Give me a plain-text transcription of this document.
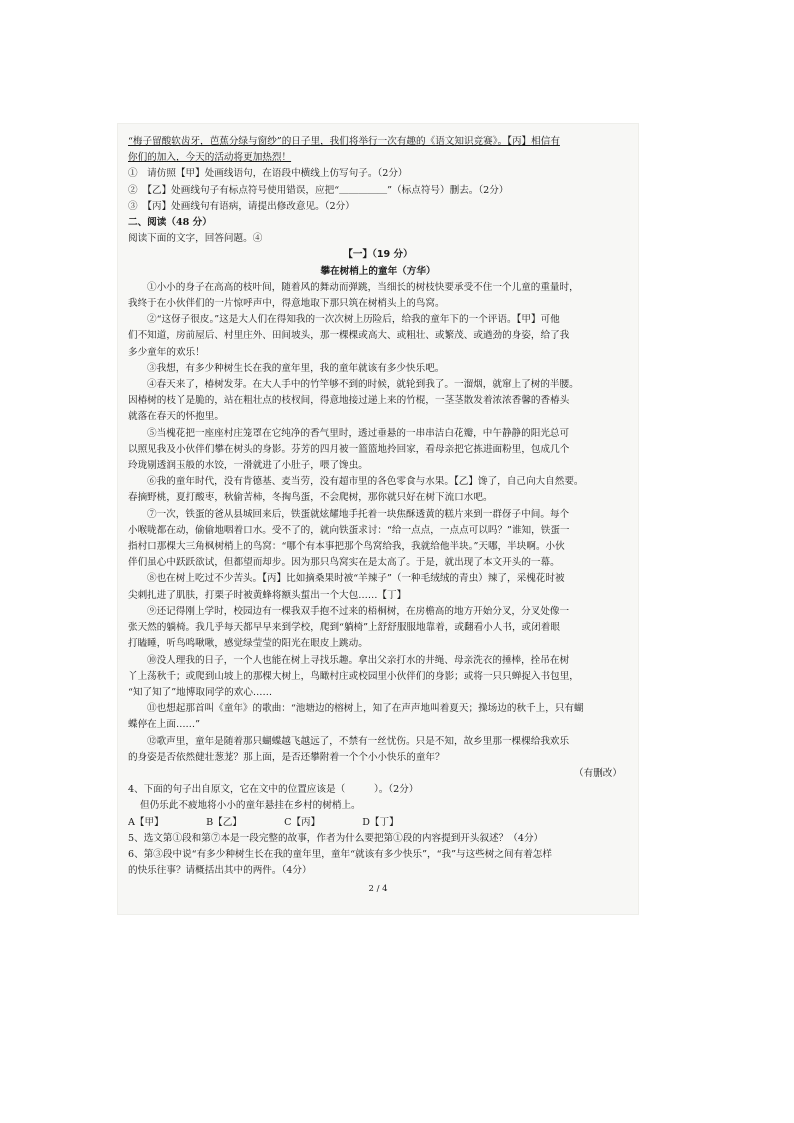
“梅子留酸软齿牙，芭蕉分绿与窗纱”的日子里，我们将举行一次有趣的《语文知识竞赛》。【丙】相信有
你们的加入，今天的活动将更加热烈！
①　请仿照【甲】处画线语句，在语段中横线上仿写句子。（2分）
②　【乙】处画线句子有标点符号使用错误，应把“＿＿＿＿＿”（标点符号）删去。（2分）
③　【丙】处画线句有语病，请提出修改意见。（2分）
二、阅读（48 分）
阅读下面的文字，回答问题。④
【一】（19 分）
攀在树梢上的童年（方华）
①小小的身子在高高的枝叶间，随着风的舞动而弹跳，当细长的树枝快要承受不住一个儿童的重量时，
我终于在小伙伴们的一片惊呼声中，得意地取下那只筑在树梢头上的鸟窝。
②“这伢子很皮。”这是大人们在得知我的一次次树上历险后，给我的童年下的一个评语。【甲】可他
们不知道，房前屋后、村里庄外、田间坡头，那一棵棵或高大、或粗壮、或繁茂、或遒劲的身姿，给了我
多少童年的欢乐！
③我想，有多少种树生长在我的童年里，我的童年就该有多少快乐吧。
④春天来了，椿树发芽。在大人手中的竹竿够不到的时候，就轮到我了。一溜烟，就窜上了树的半腰。
因椿树的枝丫是脆的，站在粗壮点的枝杈间，得意地接过递上来的竹棍，一茎茎散发着浓浓香馨的香椿头
就落在春天的怀抱里。
⑤当槐花把一座座村庄笼罩在它纯净的香气里时，透过垂悬的一串串洁白花瓣，中午静静的阳光总可
以照见我及小伙伴们攀在树头的身影。芬芳的四月被一篮篮地拎回家，看母亲把它拣进面粉里，包成几个
玲珑剔透润玉般的水饺，一滑就进了小肚子，喂了馋虫。
⑥我的童年时代，没有肯德基、麦当劳，没有超市里的各色零食与水果。【乙】馋了，自己向大自然要。
春摘野桃，夏打酸枣，秋偷苦柿，冬掏鸟蛋，不会爬树，那你就只好在树下流口水吧。
⑦一次，铁蛋的爸从县城回来后，铁蛋就炫耀地手托着一块焦酥透黄的糕片来到一群伢子中间。每个
小喉咙都在动，偷偷地咽着口水。受不了的，就向铁蛋求讨：“给一点点，一点点可以吗？”谁知，铁蛋一
指村口那棵大三角枫树梢上的鸟窝：“哪个有本事把那个鸟窝给我，我就给他半块。”天哪，半块啊。小伙
伴们虽心中跃跃欲试，但都望而却步。因为那只鸟窝实在是太高了。于是，就出现了本文开头的一幕。
⑧也在树上吃过不少苦头。【丙】比如摘桑果时被“羊辣子”（一种毛绒绒的青虫）辣了，采槐花时被
尖刺扎进了肌肤，打栗子时被黄蜂将额头蜇出一个大包……【丁】
⑨还记得刚上学时，校园边有一棵我双手抱不过来的梧桐树，在房檐高的地方开始分叉，分叉处像一
张天然的躺椅。我几乎每天都早早来到学校，爬到“躺椅”上舒舒服服地靠着，或翻看小人书，或闭着眼
打瞌睡，听鸟鸣啾啾，感觉绿莹莹的阳光在眼皮上跳动。
⑩没人理我的日子，一个人也能在树上寻找乐趣。拿出父亲打水的井绳、母亲洗衣的捶棒，拴吊在树
丫上荡秋千；或爬到山坡上的那棵大树上，鸟瞰村庄或校园里小伙伴们的身影；或将一只只蝉捉入书包里，
“知了知了”地博取同学的欢心……
⑪也想起那首叫《童年》的歌曲：“池塘边的榕树上，知了在声声地叫着夏天；操场边的秋千上，只有蝴
蝶停在上面……”
⑫歌声里，童年是随着那只蝴蝶越飞越远了，不禁有一丝忧伤。只是不知，故乡里那一棵棵给我欢乐
的身姿是否依然健壮葱茏？那上面，是否还攀附着一个个小小快乐的童年？
（有删改）
4、下面的句子出自原文，它在文中的位置应该是（　　　）。（2分）
但仍乐此不疲地将小小的童年悬挂在乡村的树梢上。
A【甲】	B【乙】	C【丙】	D【丁】
5、选文第①段和第⑦本是一段完整的故事，作者为什么要把第①段的内容提到开头叙述？（4分）
6、第③段中说“有多少种树生长在我的童年里，童年“就该有多少快乐”，“我”与这些树之间有着怎样
的快乐往事？请概括出其中的两件。（4分）
2 / 4
